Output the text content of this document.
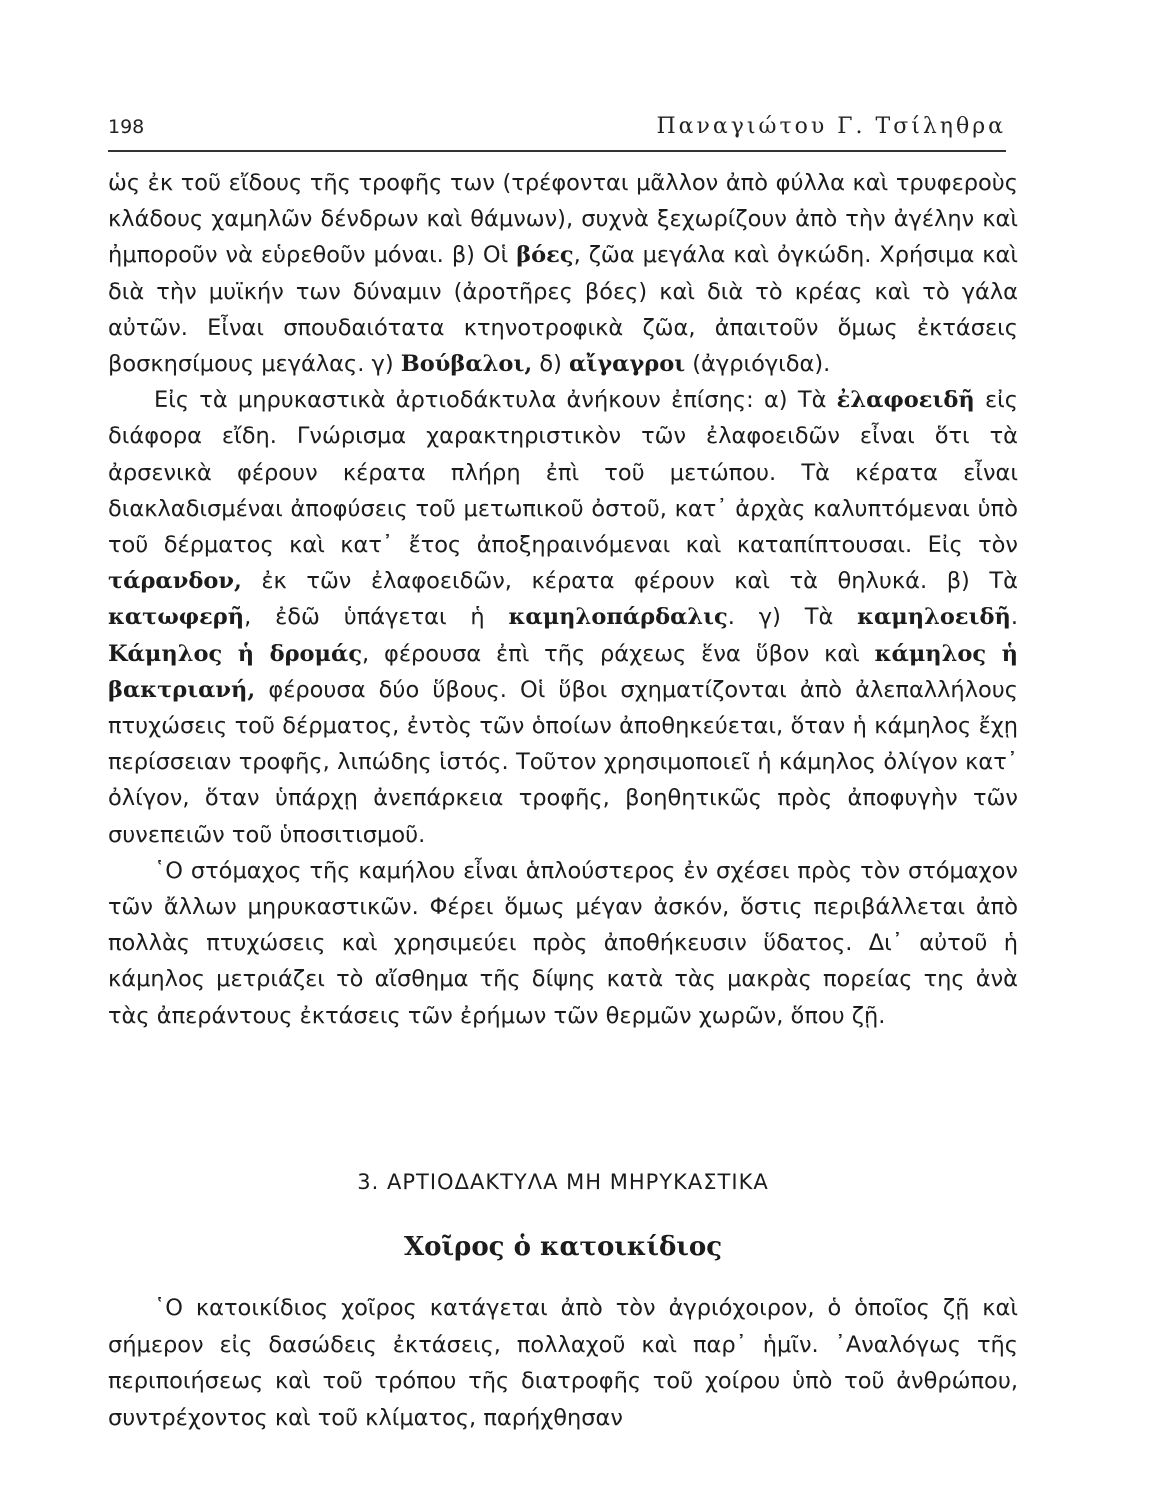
198	Παναγιώτου Γ. Τσίληθρα

ὡς ἐκ τοῦ εἴδους τῆς τροφῆς των (τρέφονται μᾶλλον ἀπὸ φύλλα καὶ τρυφεροὺς κλάδους χαμηλῶν δένδρων καὶ θάμνων), συχνὰ ξεχωρίζουν ἀπὸ τὴν ἀγέλην καὶ ἠμποροῦν νὰ εὑρεθοῦν μόναι. β) Οἱ βόες, ζῶα μεγάλα καὶ ὀγκώδη. Χρήσιμα καὶ διὰ τὴν μυϊκήν των δύναμιν (ἀροτῆρες βόες) καὶ διὰ τὸ κρέας καὶ τὸ γάλα αὐτῶν. Εἶναι σπουδαιότατα κτηνοτροφικὰ ζῶα, ἀπαιτοῦν ὅμως ἐκτάσεις βοσκησίμους μεγάλας. γ) Βούβαλοι, δ) αἴγαγροι (ἀγριόγιδα).

Εἰς τὰ μηρυκαστικὰ ἀρτιοδάκτυλα ἀνήκουν ἐπίσης: α) Τὰ ἐλαφοειδῆ εἰς διάφορα εἴδη. Γνώρισμα χαρακτηριστικὸν τῶν ἐλαφοειδῶν εἶναι ὅτι τὰ ἀρσενικὰ φέρουν κέρατα πλήρη ἐπὶ τοῦ μετώπου. Τὰ κέρατα εἶναι διακλαδισμέναι ἀποφύσεις τοῦ μετωπικοῦ ὀστοῦ, κατ᾿ ἀρχὰς καλυπτόμεναι ὑπὸ τοῦ δέρματος καὶ κατ᾿ ἔτος ἀποξηραινόμεναι καὶ καταπίπτουσαι. Εἰς τὸν τάρανδον, ἐκ τῶν ἐλαφοειδῶν, κέρατα φέρουν καὶ τὰ θηλυκά. β) Τὰ κατωφερῆ, ἐδῶ ὑπάγεται ἡ καμηλοπάρδαλις. γ) Τὰ καμηλοειδῆ. Κάμηλος ἡ δρομάς, φέρουσα ἐπὶ τῆς ράχεως ἕνα ὕβον καὶ κάμηλος ἡ βακτριανή, φέρουσα δύο ὕβους. Οἱ ὕβοι σχηματίζονται ἀπὸ ἀλεπαλλήλους πτυχώσεις τοῦ δέρματος, ἐντὸς τῶν ὁποίων ἀποθηκεύεται, ὅταν ἡ κάμηλος ἔχῃ περίσσειαν τροφῆς, λιπώδης ἱστός. Τοῦτον χρησιμοποιεῖ ἡ κάμηλος ὀλίγον κατ᾿ ὀλίγον, ὅταν ὑπάρχῃ ἀνεπάρκεια τροφῆς, βοηθητικῶς πρὸς ἀποφυγὴν τῶν συνεπειῶν τοῦ ὑποσιτισμοῦ.

῾Ο στόμαχος τῆς καμήλου εἶναι ἁπλούστερος ἐν σχέσει πρὸς τὸν στόμαχον τῶν ἄλλων μηρυκαστικῶν. Φέρει ὅμως μέγαν ἀσκόν, ὅστις περιβάλλεται ἀπὸ πολλὰς πτυχώσεις καὶ χρησιμεύει πρὸς ἀποθήκευσιν ὕδατος. Δι᾿ αὐτοῦ ἡ κάμηλος μετριάζει τὸ αἴσθημα τῆς δίψης κατὰ τὰς μακρὰς πορείας της ἀνὰ τὰς ἀπεράντους ἐκτάσεις τῶν ἐρήμων τῶν θερμῶν χωρῶν, ὅπου ζῇ.

3. ΑΡΤΙΟΔΑΚΤΥΛΑ ΜΗ ΜΗΡΥΚΑΣΤΙΚΑ
Χοῖρος ὁ κατοικίδιος

῾Ο κατοικίδιος χοῖρος κατάγεται ἀπὸ τὸν ἀγριόχοιρον, ὁ ὁποῖος ζῇ καὶ σήμερον εἰς δασώδεις ἐκτάσεις, πολλαχοῦ καὶ παρ᾿ ἡμῖν. ᾿Αναλόγως τῆς περιποιήσεως καὶ τοῦ τρόπου τῆς διατροφῆς τοῦ χοίρου ὑπὸ τοῦ ἀνθρώπου, συντρέχοντος καὶ τοῦ κλίματος, παρήχθησαν
